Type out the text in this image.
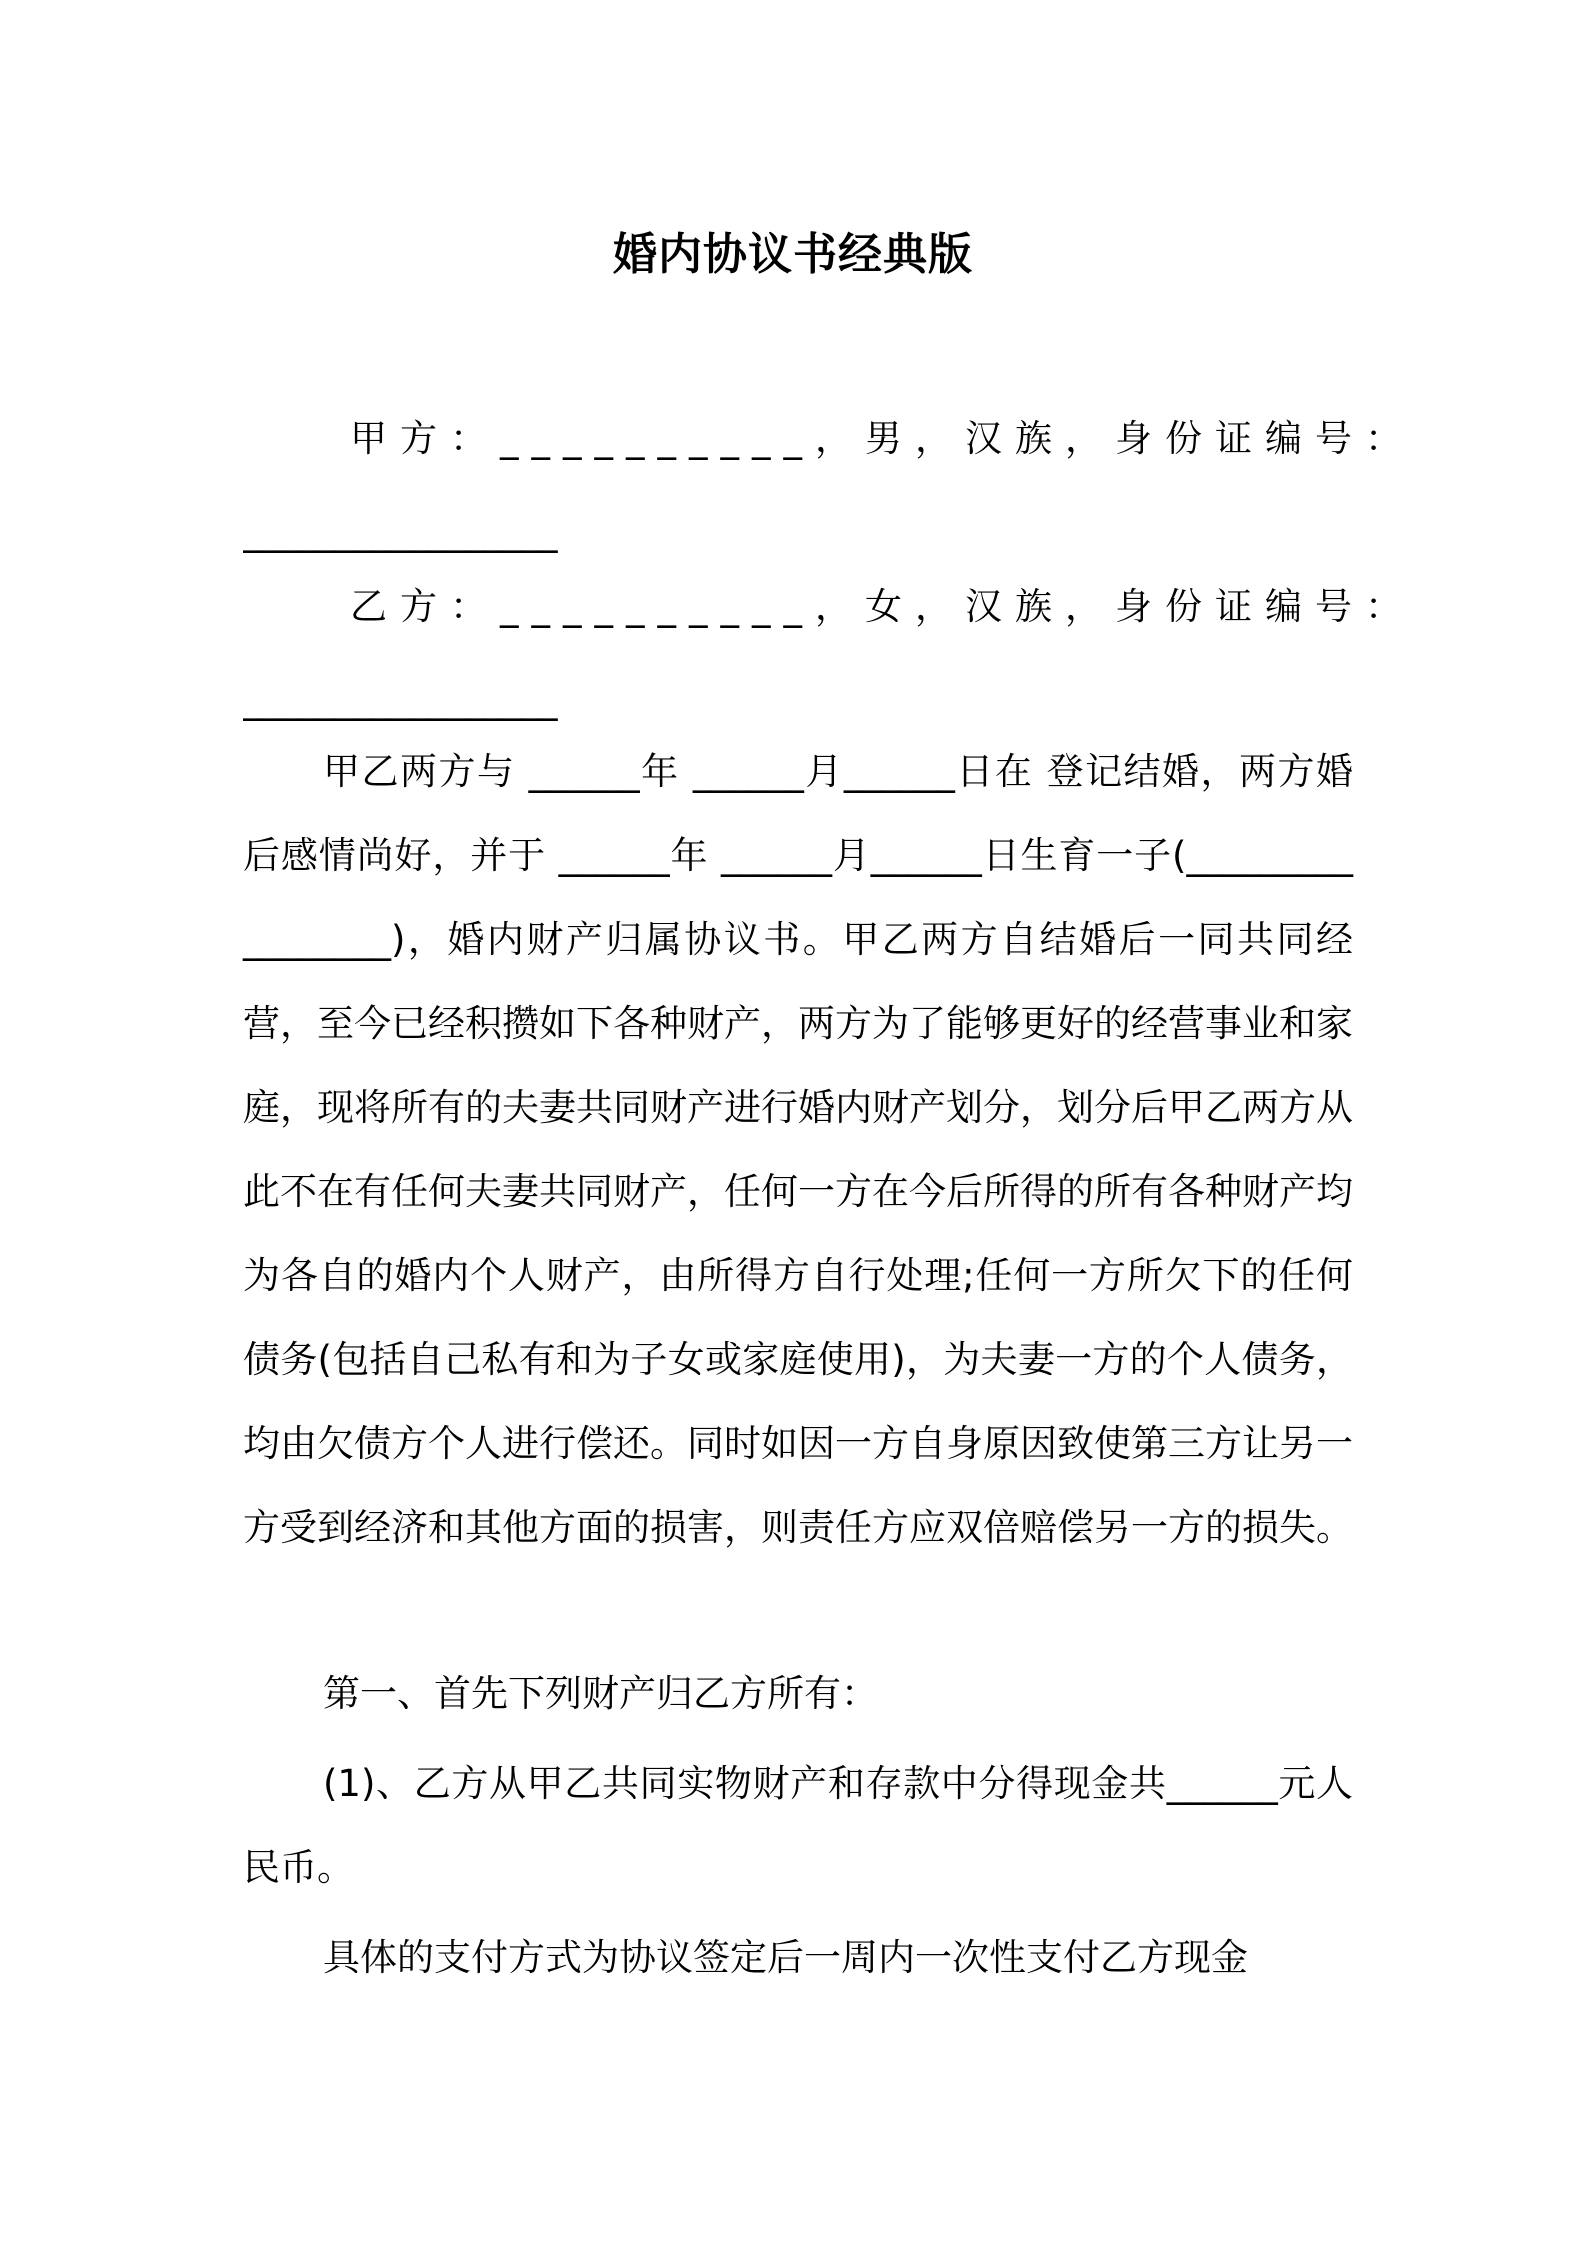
婚内协议书经典版
甲方：__________，男，汉族，身份证编号：
_________________
乙方：__________，女，汉族，身份证编号：
_________________
甲乙两方与 ______年 ______月______日在 登记结婚，两方婚后感情尚好，并于 ______年 ______月______日生育一子(_________________)，婚内财产归属协议书。甲乙两方自结婚后一同共同经营，至今已经积攒如下各种财产，两方为了能够更好的经营事业和家庭，现将所有的夫妻共同财产进行婚内财产划分，划分后甲乙两方从此不在有任何夫妻共同财产，任何一方在今后所得的所有各种财产均为各自的婚内个人财产，由所得方自行处理;任何一方所欠下的任何债务(包括自己私有和为子女或家庭使用)，为夫妻一方的个人债务，均由欠债方个人进行偿还。同时如因一方自身原因致使第三方让另一方受到经济和其他方面的损害，则责任方应双倍赔偿另一方的损失。
第一、首先下列财产归乙方所有：
(1)、乙方从甲乙共同实物财产和存款中分得现金共______元人民币。
具体的支付方式为协议签定后一周内一次性支付乙方现金
